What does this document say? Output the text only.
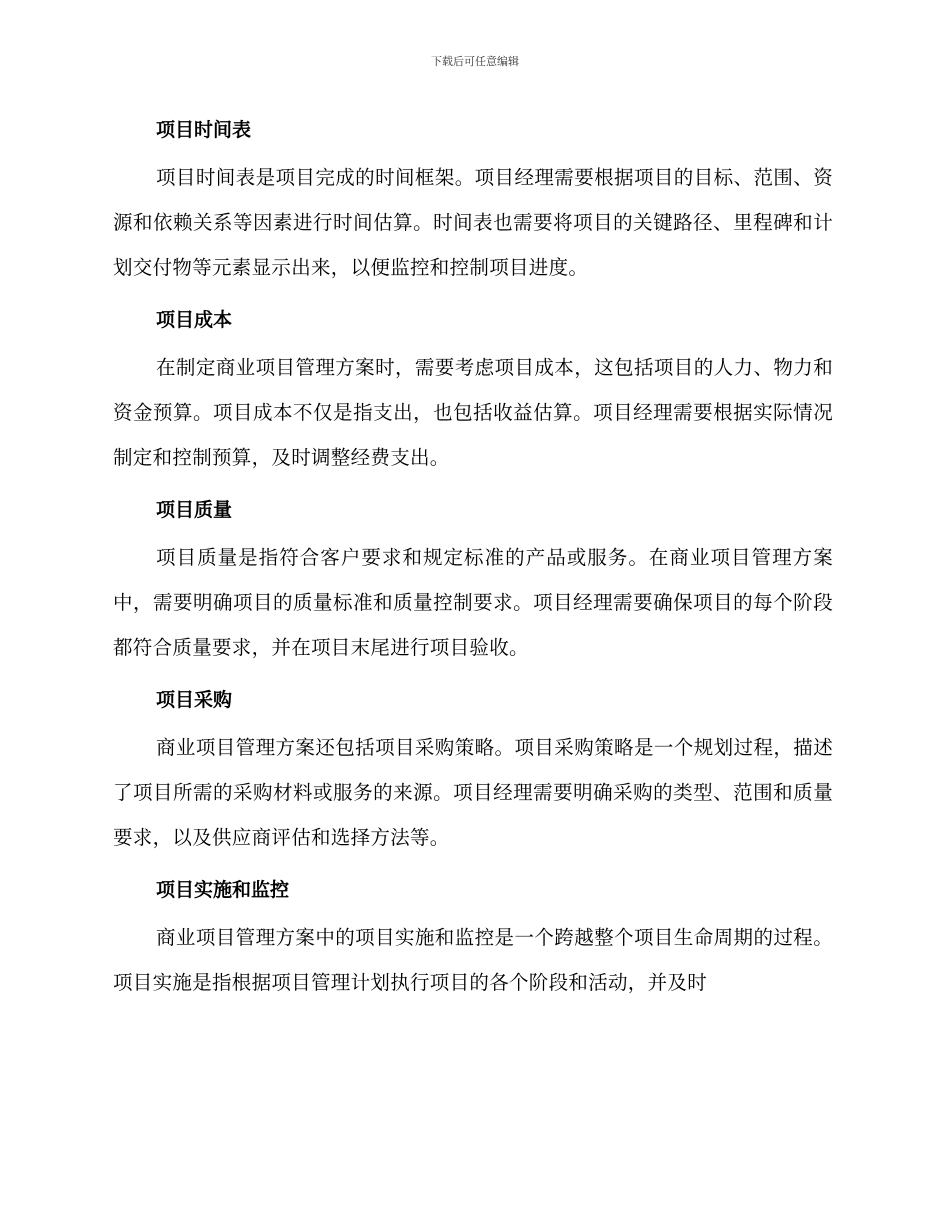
下载后可任意编辑
项目时间表

项目时间表是项目完成的时间框架。项目经理需要根据项目的目标、范围、资源和依赖关系等因素进行时间估算。时间表也需要将项目的关键路径、里程碑和计划交付物等元素显示出来，以便监控和控制项目进度。

项目成本

在制定商业项目管理方案时，需要考虑项目成本，这包括项目的人力、物力和资金预算。项目成本不仅是指支出，也包括收益估算。项目经理需要根据实际情况制定和控制预算，及时调整经费支出。

项目质量

项目质量是指符合客户要求和规定标准的产品或服务。在商业项目管理方案中，需要明确项目的质量标准和质量控制要求。项目经理需要确保项目的每个阶段都符合质量要求，并在项目末尾进行项目验收。

项目采购

商业项目管理方案还包括项目采购策略。项目采购策略是一个规划过程，描述了项目所需的采购材料或服务的来源。项目经理需要明确采购的类型、范围和质量要求，以及供应商评估和选择方法等。

项目实施和监控

商业项目管理方案中的项目实施和监控是一个跨越整个项目生命周期的过程。项目实施是指根据项目管理计划执行项目的各个阶段和活动，并及时
